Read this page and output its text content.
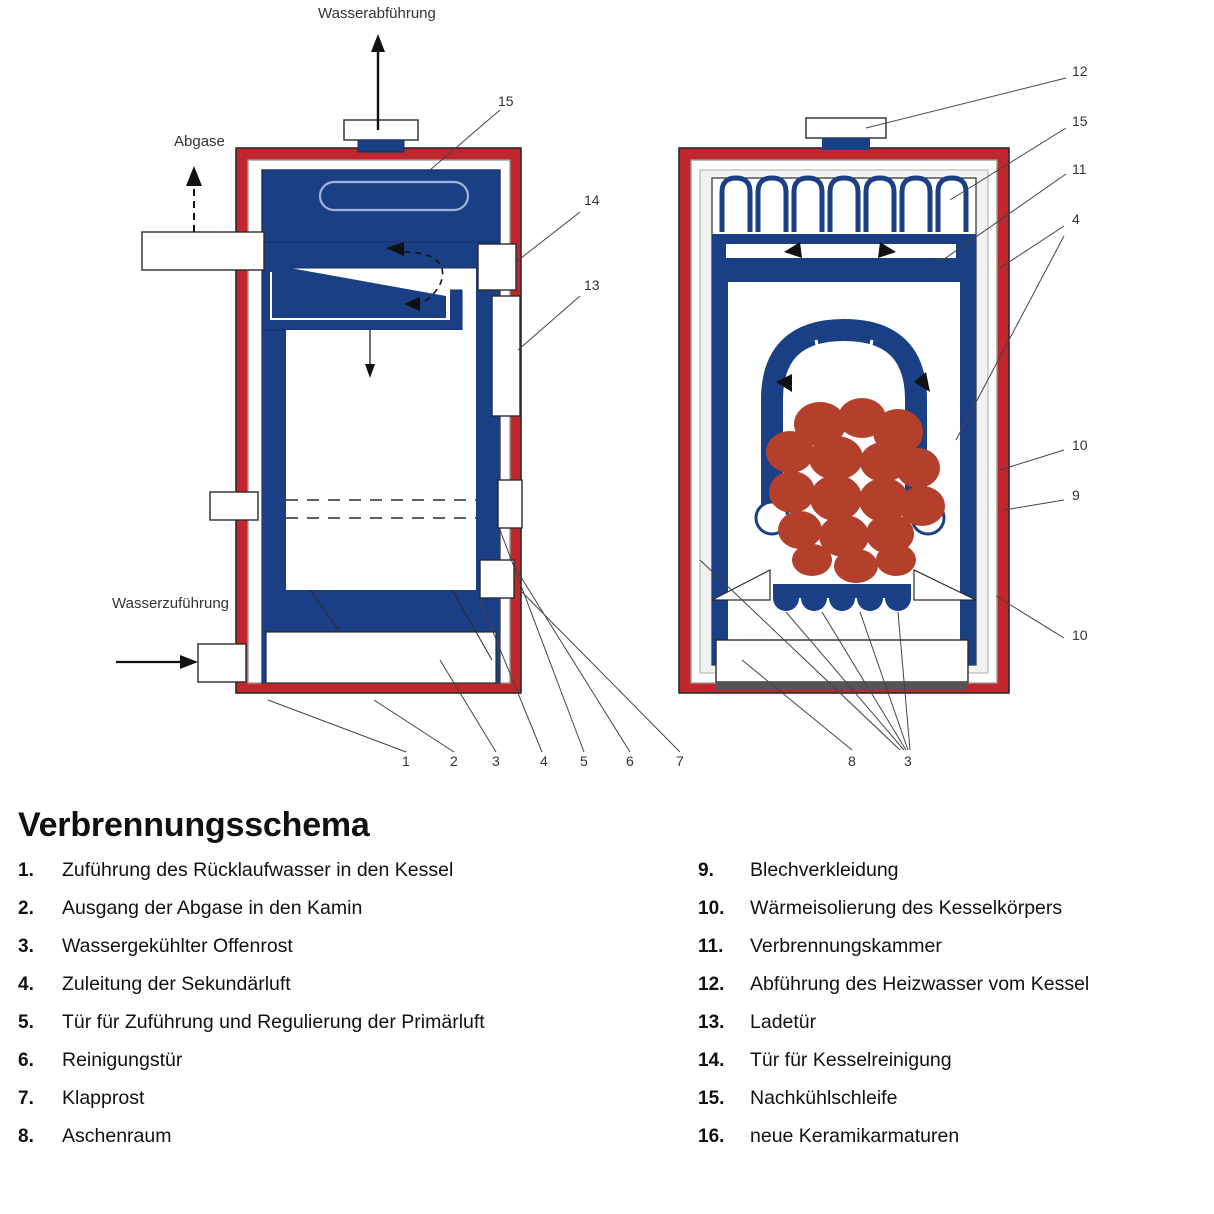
Wasserabführung
Abgase
Wasserzuführung
15
14
13
1	2 3	4 5	6	7
12
15
11
4
10
9
10
8	3
Verbrennungsschema
1.	Zuführung des Rücklaufwasser in den Kessel
2.	Ausgang der Abgase in den Kamin
3.	Wassergekühlter Offenrost
4.	Zuleitung der Sekundärluft
5.	Tür für Zuführung und Regulierung der Primärluft
6.	Reinigungstür
7.	Klapprost
8.	Aschenraum
9.	Blechverkleidung
10.	Wärmeisolierung des Kesselkörpers
11.	Verbrennungskammer
12.	Abführung des Heizwasser vom Kessel
13.	Ladetür
14.	Tür für Kesselreinigung
15.	Nachkühlschleife
16.	neue Keramikarmaturen
